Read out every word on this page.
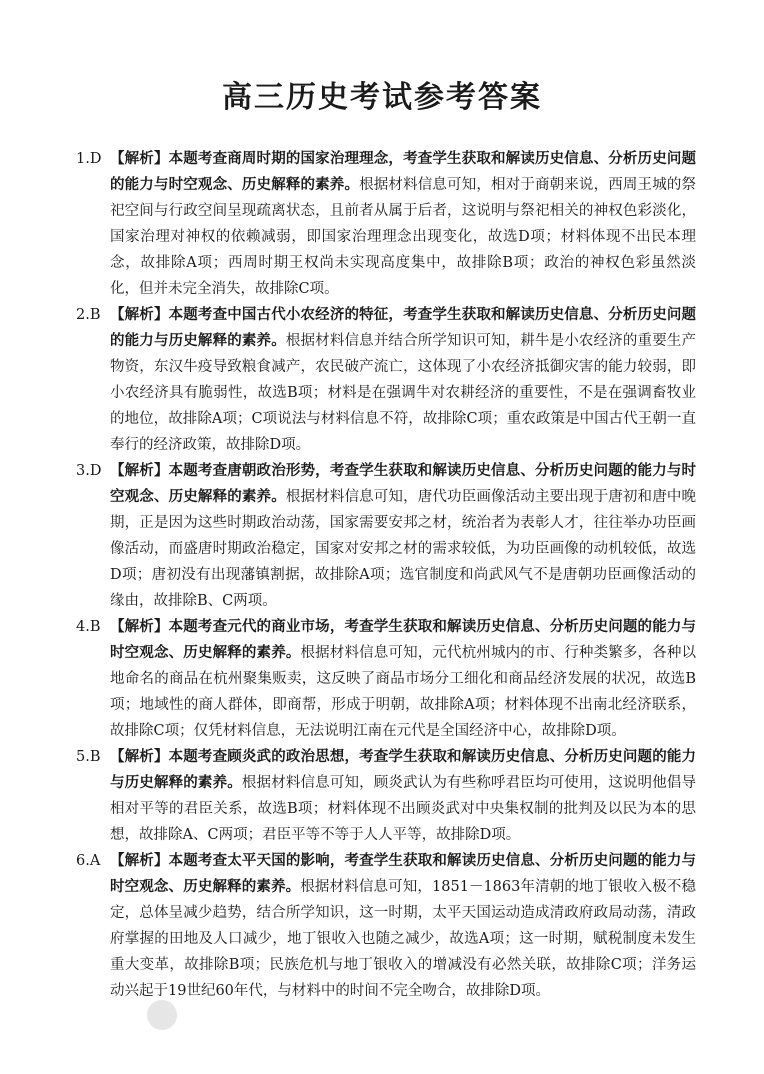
高三历史考试参考答案
1.D 【解析】本题考查商周时期的国家治理理念，考查学生获取和解读历史信息、分析历史问题的能力与时空观念、历史解释的素养。根据材料信息可知，相对于商朝来说，西周王城的祭祀空间与行政空间呈现疏离状态，且前者从属于后者，这说明与祭祀相关的神权色彩淡化，国家治理对神权的依赖减弱，即国家治理理念出现变化，故选D项；材料体现不出民本理念，故排除A项；西周时期王权尚未实现高度集中，故排除B项；政治的神权色彩虽然淡化，但并未完全消失，故排除C项。
2.B 【解析】本题考查中国古代小农经济的特征，考查学生获取和解读历史信息、分析历史问题的能力与历史解释的素养。根据材料信息并结合所学知识可知，耕牛是小农经济的重要生产物资，东汉牛疫导致粮食减产，农民破产流亡，这体现了小农经济抵御灾害的能力较弱，即小农经济具有脆弱性，故选B项；材料是在强调牛对农耕经济的重要性，不是在强调畜牧业的地位，故排除A项；C项说法与材料信息不符，故排除C项；重农政策是中国古代王朝一直奉行的经济政策，故排除D项。
3.D 【解析】本题考查唐朝政治形势，考查学生获取和解读历史信息、分析历史问题的能力与时空观念、历史解释的素养。根据材料信息可知，唐代功臣画像活动主要出现于唐初和唐中晚期，正是因为这些时期政治动荡，国家需要安邦之材，统治者为表彰人才，往往举办功臣画像活动，而盛唐时期政治稳定，国家对安邦之材的需求较低，为功臣画像的动机较低，故选D项；唐初没有出现藩镇割据，故排除A项；选官制度和尚武风气不是唐朝功臣画像活动的缘由，故排除B、C两项。
4.B 【解析】本题考查元代的商业市场，考查学生获取和解读历史信息、分析历史问题的能力与时空观念、历史解释的素养。根据材料信息可知，元代杭州城内的市、行种类繁多，各种以地命名的商品在杭州聚集贩卖，这反映了商品市场分工细化和商品经济发展的状况，故选B项；地域性的商人群体，即商帮，形成于明朝，故排除A项；材料体现不出南北经济联系，故排除C项；仅凭材料信息，无法说明江南在元代是全国经济中心，故排除D项。
5.B 【解析】本题考查顾炎武的政治思想，考查学生获取和解读历史信息、分析历史问题的能力与历史解释的素养。根据材料信息可知，顾炎武认为有些称呼君臣均可使用，这说明他倡导相对平等的君臣关系，故选B项；材料体现不出顾炎武对中央集权制的批判及以民为本的思想，故排除A、C两项；君臣平等不等于人人平等，故排除D项。
6.A 【解析】本题考查太平天国的影响，考查学生获取和解读历史信息、分析历史问题的能力与时空观念、历史解释的素养。根据材料信息可知，1851－1863年清朝的地丁银收入极不稳定，总体呈减少趋势，结合所学知识，这一时期，太平天国运动造成清政府政局动荡，清政府掌握的田地及人口减少，地丁银收入也随之减少，故选A项；这一时期，赋税制度未发生重大变革，故排除B项；民族危机与地丁银收入的增减没有必然关联，故排除C项；洋务运动兴起于19世纪60年代，与材料中的时间不完全吻合，故排除D项。
